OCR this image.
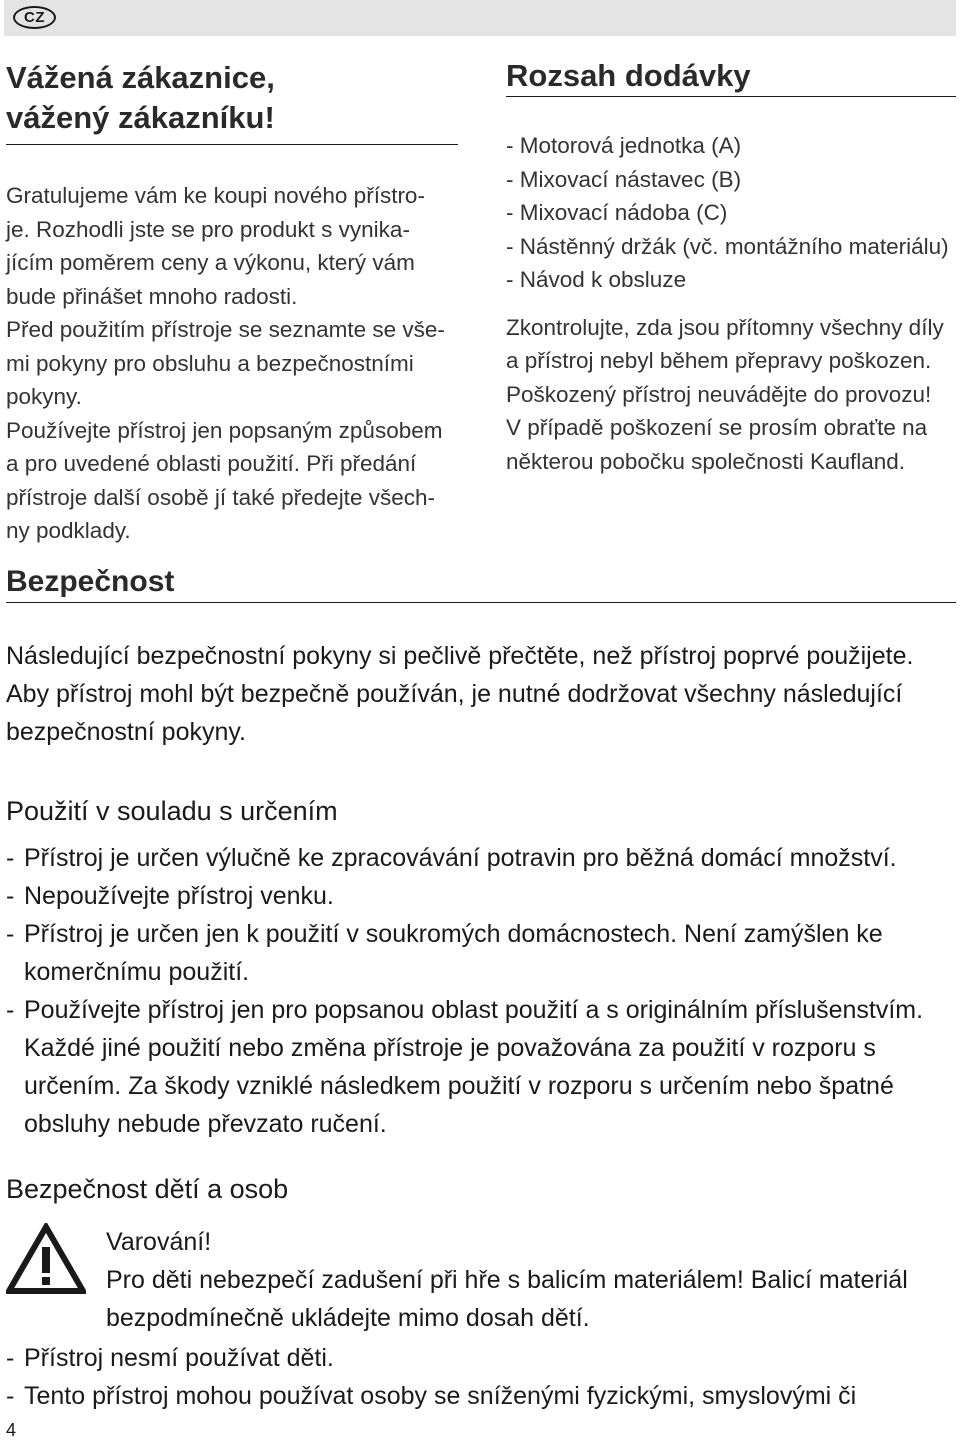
CZ
Vážená zákaznice,
vážený zákazníku!

Gratulujeme vám ke koupi nového přístro-

je. Rozhodli jste se pro produkt s vynika-

jícím poměrem ceny a výkonu, který vám

bude přinášet mnoho radosti.

Před použitím přístroje se seznamte se vše-

mi pokyny pro obsluhu a bezpečnostními

pokyny.

Používejte přístroj jen popsaným způsobem

a pro uvedené oblasti použití. Při předání

přístroje další osobě jí také předejte všech-

ny podklady.

Rozsah dodávky
- Motorová jednotka (A)
- Mixovací nástavec (B)
- Mixovací nádoba (C)
- Nástěnný držák (vč. montážního materiálu)
- Návod k obsluze

Zkontrolujte, zda jsou přítomny všechny díly

a přístroj nebyl během přepravy poškozen.

Poškozený přístroj neuvádějte do provozu!

V případě poškození se prosím obraťte na

některou pobočku společnosti Kaufland.

Bezpečnost

Následující bezpečnostní pokyny si pečlivě přečtěte, než přístroj poprvé použijete.

Aby přístroj mohl být bezpečně používán, je nutné dodržovat všechny následující

bezpečnostní pokyny.

Použití v souladu s určením
- Přístroj je určen výlučně ke zpracovávání potravin pro běžná domácí množství.
- Nepoužívejte přístroj venku.
- Přístroj je určen jen k použití v soukromých domácnostech. Není zamýšlen ke komerčnímu použití.
- Používejte přístroj jen pro popsanou oblast použití a s originálním příslušenstvím. Každé jiné použití nebo změna přístroje je považována za použití v rozporu s určením. Za škody vzniklé následkem použití v rozporu s určením nebo špatné obsluhy nebude převzato ručení.
Bezpečnost dětí a osob

Varování!

Pro děti nebezpečí zadušení při hře s balicím materiálem! Balicí materiál bezpodmínečně ukládejte mimo dosah dětí.

- Přístroj nesmí používat děti.
- Tento přístroj mohou používat osoby se sníženými fyzickými, smyslovými či
4
